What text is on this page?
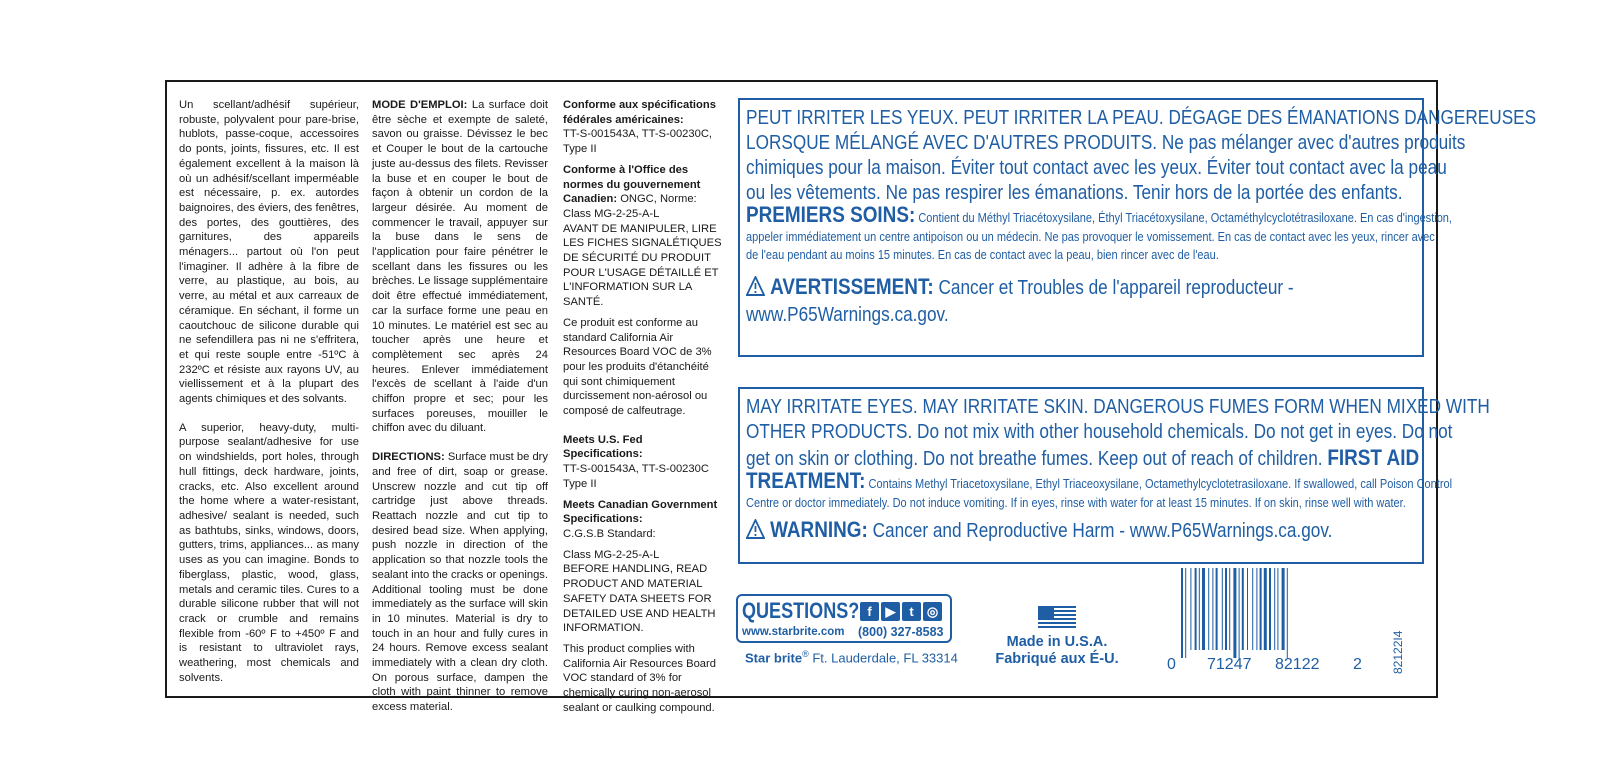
Un scellant/adhésif supérieur, robuste, polyvalent pour pare-brise, hublots, passe-coque, accessoires do ponts, joints, fissures, etc. Il est également excellent à la maison là où un adhésif/scellant imperméable est nécessaire, p. ex. autordes baignoires, des éviers, des fenêtres, des portes, des gouttières, des garnitures, des appareils ménagers... partout où l'on peut l'imaginer. Il adhère à la fibre de verre, au plastique, au bois, au verre, au métal et aux carreaux de céramique. En séchant, il forme un caoutchouc de silicone durable qui ne sefendillera pas ni ne s'effritera, et qui reste souple entre -51ºC à 232ºC et résiste aux rayons UV, au viellissement et à la plupart des agents chimiques et des solvants.

A superior, heavy-duty, multi-purpose sealant/adhesive for use on windshields, port holes, through hull fittings, deck hardware, joints, cracks, etc. Also excellent around the home where a water-resistant, adhesive/ sealant is needed, such as bathtubs, sinks, windows, doors, gutters, trims, appliances... as many uses as you can imagine. Bonds to fiberglass, plastic, wood, glass, metals and ceramic tiles. Cures to a durable silicone rubber that will not crack or crumble and remains flexible from -60º F to +450º F and is resistant to ultraviolet rays, weathering, most chemicals and solvents.

MODE D'EMPLOI: La surface doit être sèche et exempte de saleté, savon ou graisse. Dévissez le bec et Couper le bout de la cartouche juste au-dessus des filets. Revisser la buse et en couper le bout de façon à obtenir un cordon de la largeur désirée. Au moment de commencer le travail, appuyer sur la buse dans le sens de l'application pour faire pénétrer le scellant dans les fissures ou les brèches. Le lissage supplémentaire doit être effectué immédiatement, car la surface forme une peau en 10 minutes. Le matériel est sec au toucher après une heure et complètement sec après 24 heures. Enlever immédiatement l'excès de scellant à l'aide d'un chiffon propre et sec; pour les surfaces poreuses, mouiller le chiffon avec du diluant.

DIRECTIONS: Surface must be dry and free of dirt, soap or grease. Unscrew nozzle and cut tip off cartridge just above threads. Reattach nozzle and cut tip to desired bead size. When applying, push nozzle in direction of the application so that nozzle tools the sealant into the cracks or openings. Additional tooling must be done immediately as the surface will skin in 10 minutes. Material is dry to touch in an hour and fully cures in 24 hours. Remove excess sealant immediately with a clean dry cloth. On porous surface, dampen the cloth with paint thinner to remove excess material.

Conforme aux spécifications fédérales américaines:

TT-S-001543A, TT-S-00230C, Type II

Conforme à l'Office des normes du gouvernement Canadien: ONGC, Norme: Class MG-2-25-A-L

AVANT DE MANIPULER, LIRE LES FICHES SIGNALÉTIQUES DE SÉCURITÉ DU PRODUIT POUR L'USAGE DÉTAILLÉ ET L'INFORMATION SUR LA SANTÉ.

Ce produit est conforme au standard California Air Resources Board VOC de 3% pour les produits d'étanchéité qui sont chimiquement durcissement non-aérosol ou composé de calfeutrage.

Meets U.S. Fed Specifications:

TT-S-001543A, TT-S-00230C Type II

Meets Canadian Government Specifications:

C.G.S.B Standard:

Class MG-2-25-A-L

BEFORE HANDLING, READ PRODUCT AND MATERIAL SAFETY DATA SHEETS FOR DETAILED USE AND HEALTH INFORMATION.

This product complies with California Air Resources Board VOC standard of 3% for chemically curing non-aerosol sealant or caulking compound.

PEUT IRRITER LES YEUX. PEUT IRRITER LA PEAU. DÉGAGE DES ÉMANATIONS DANGEREUSES
LORSQUE MÉLANGÉ AVEC D'AUTRES PRODUITS. Ne pas mélanger avec d'autres produits
chimiques pour la maison. Éviter tout contact avec les yeux. Éviter tout contact avec la peau
ou les vêtements. Ne pas respirer les émanations. Tenir hors de la portée des enfants.
PREMIERS SOINS: Contient du Méthyl Triacétoxysilane, Éthyl Triacétoxysilane, Octaméthylcyclotétrasiloxane. En cas d'ingestion,
appeler immédiatement un centre antipoison ou un médecin. Ne pas provoquer le vomissement. En cas de contact avec les yeux, rincer avec
de l'eau pendant au moins 15 minutes. En cas de contact avec la peau, bien rincer avec de l'eau.
AVERTISSEMENT: Cancer et Troubles de l'appareil reproducteur -
www.P65Warnings.ca.gov.
MAY IRRITATE EYES. MAY IRRITATE SKIN. DANGEROUS FUMES FORM WHEN MIXED WITH
OTHER PRODUCTS. Do not mix with other household chemicals. Do not get in eyes. Do not
get on skin or clothing. Do not breathe fumes. Keep out of reach of children. FIRST AID
TREATMENT: Contains Methyl Triacetoxysilane, Ethyl Triaceoxysilane, Octamethylcyclotetrasiloxane. If swallowed, call Poison Control
Centre or doctor immediately. Do not induce vomiting. If in eyes, rinse with water for at least 15 minutes. If on skin, rinse well with water.
WARNING: Cancer and Reproductive Harm - www.P65Warnings.ca.gov.
QUESTIONS? f ▶ t ◎
www.starbrite.com (800) 327-8583
Star brite® Ft. Lauderdale, FL 33314
Made in U.S.A.
Fabriqué aux É-U.	0 71247 82122 2 82122I4
